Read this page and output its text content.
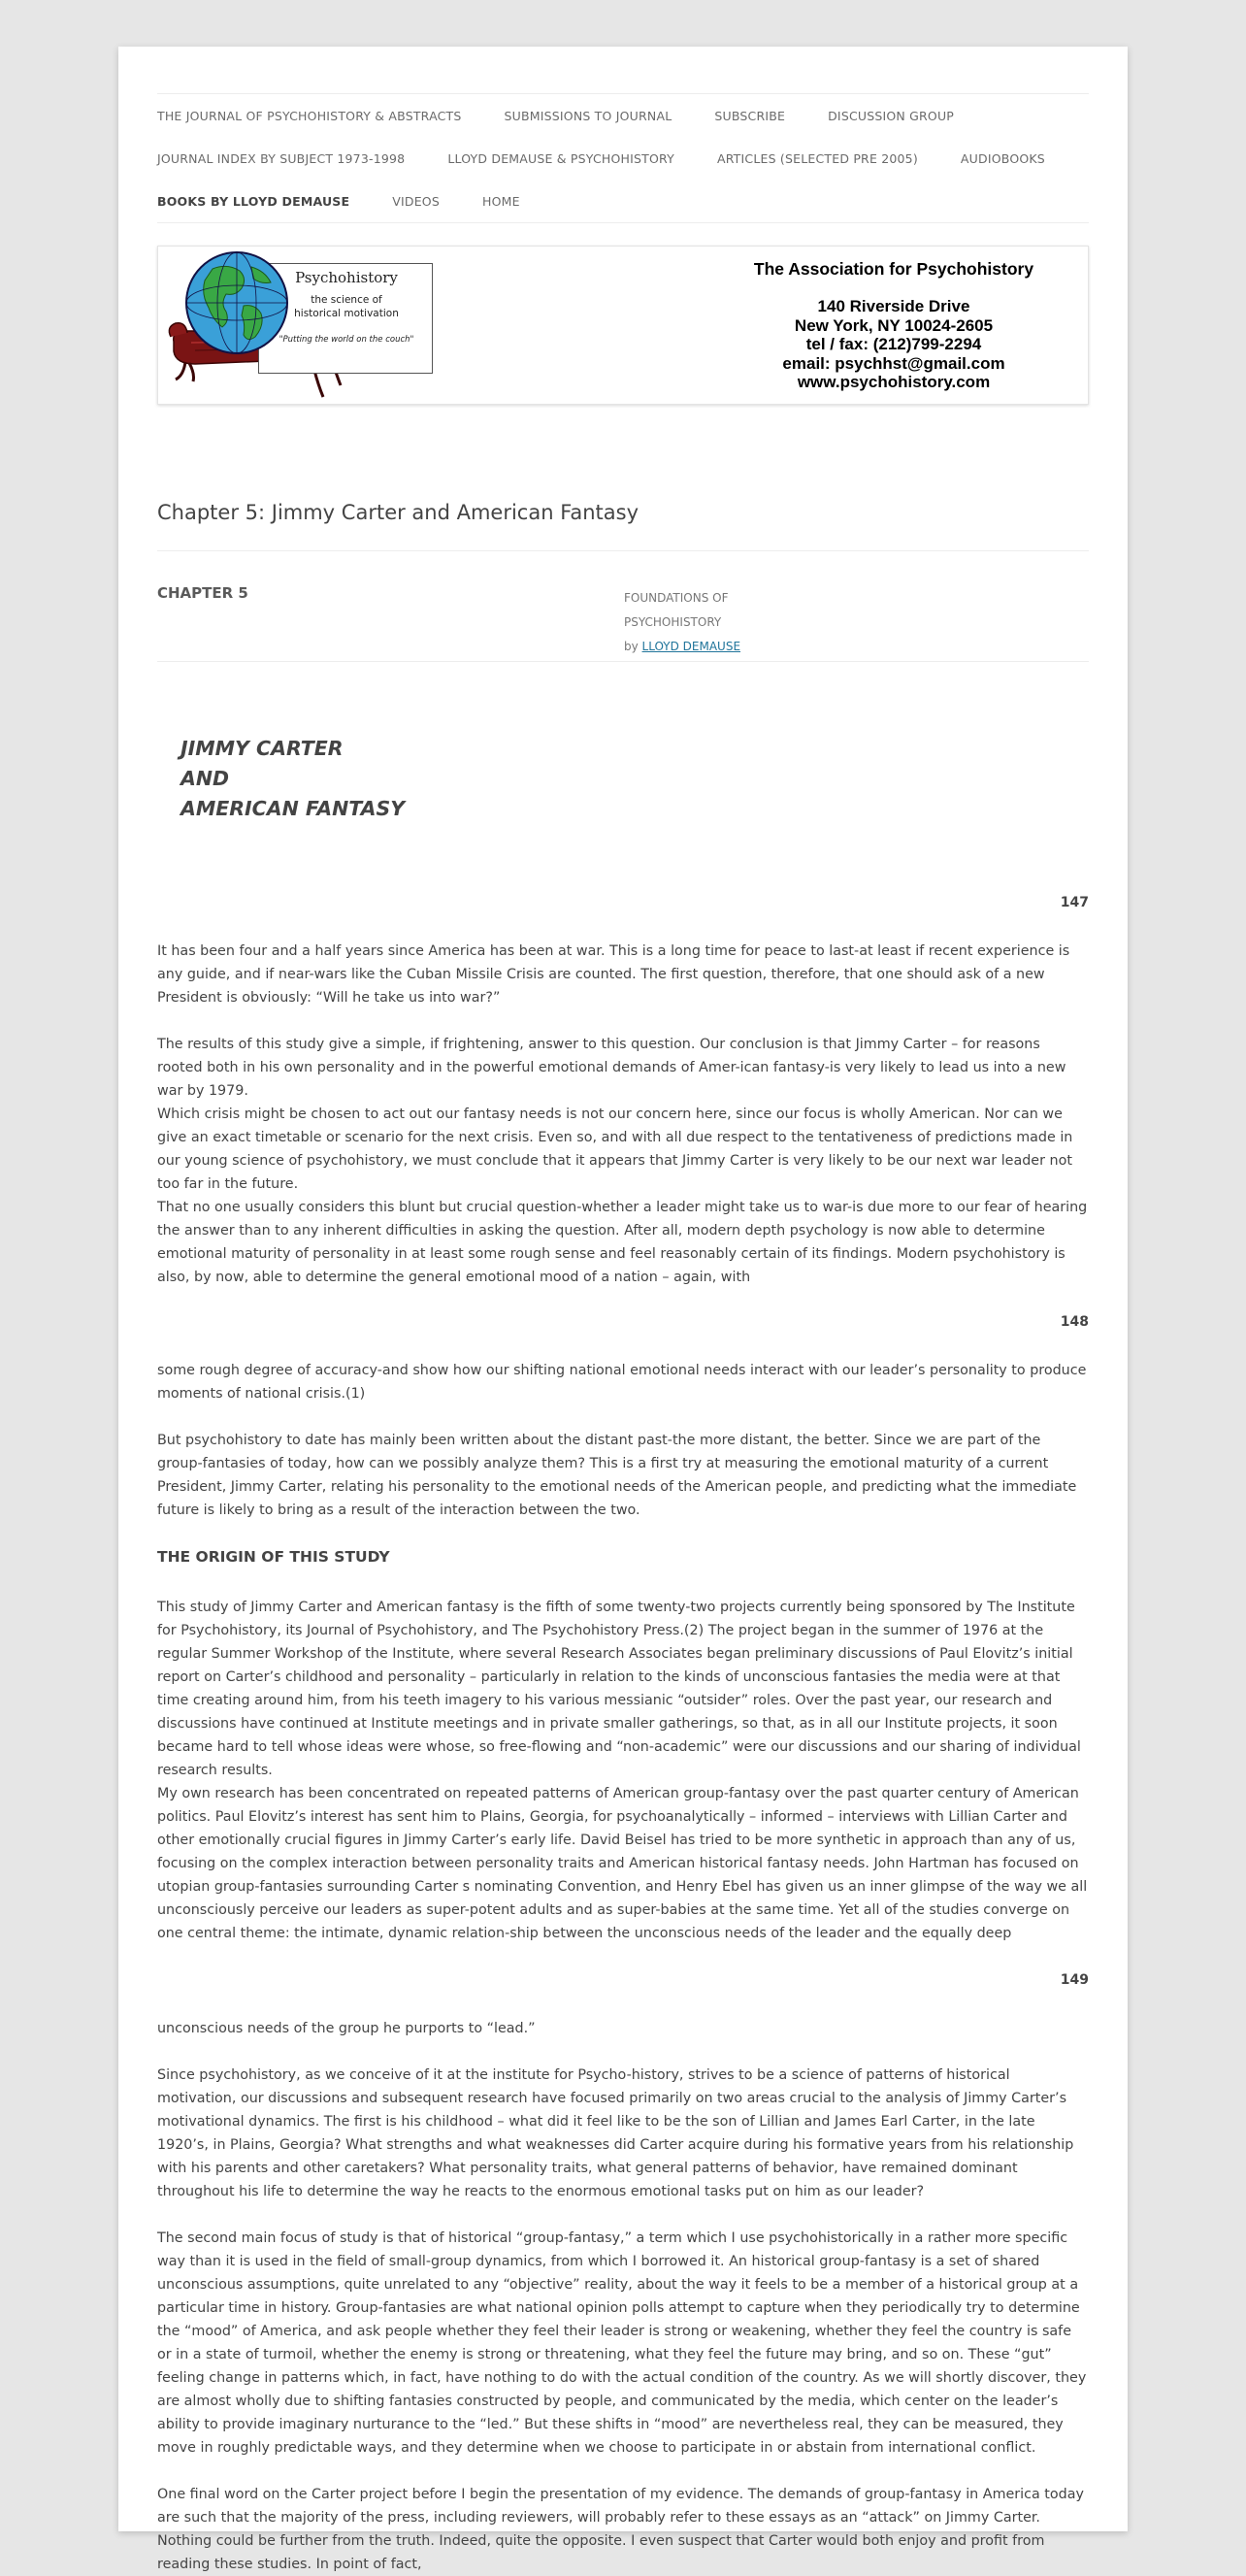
THE JOURNAL OF PSYCHOHISTORY & ABSTRACTS	SUBMISSIONS TO JOURNAL	SUBSCRIBE	DISCUSSION GROUP
JOURNAL INDEX BY SUBJECT 1973-1998	LLOYD DEMAUSE & PSYCHOHISTORY	ARTICLES (SELECTED PRE 2005)	AUDIOBOOKS
BOOKS BY LLOYD DEMAUSE	VIDEOS	HOME
Psychohistory
the science of
historical motivation
"Putting the world on the couch"
The Association for Psychohistory
140 Riverside Drive
New York, NY 10024-2605
tel / fax: (212)799-2294
email: psychhst@gmail.com
www.psychohistory.com
Chapter 5: Jimmy Carter and American Fantasy
CHAPTER 5	FOUNDATIONS OF
PSYCHOHISTORY
by LLOYD DEMAUSE
JIMMY CARTER
AND
AMERICAN FANTASY
147

It has been four and a half years since America has been at war. This is a long time for peace to last-at least if recent experience is any guide, and if near-wars like the Cuban Missile Crisis are counted. The first question, therefore, that one should ask of a new President is obviously: “Will he take us into war?”

The results of this study give a simple, if frightening, answer to this question. Our conclusion is that Jimmy Carter – for reasons rooted both in his own personality and in the powerful emotional demands of Amer-ican fantasy-is very likely to lead us into a new war by 1979.

Which crisis might be chosen to act out our fantasy needs is not our concern here, since our focus is wholly American. Nor can we give an exact timetable or scenario for the next crisis. Even so, and with all due respect to the tentativeness of predictions made in our young science of psychohistory, we must conclude that it appears that Jimmy Carter is very likely to be our next war leader not too far in the future.

That no one usually considers this blunt but crucial question-whether a leader might take us to war-is due more to our fear of hearing the answer than to any inherent difficulties in asking the question. After all, modern depth psychology is now able to determine emotional maturity of personality in at least some rough sense and feel reasonably certain of its findings. Modern psychohistory is also, by now, able to determine the general emotional mood of a nation – again, with

148

some rough degree of accuracy-and show how our shifting national emotional needs interact with our leader’s personality to produce moments of national crisis.(1)

But psychohistory to date has mainly been written about the distant past-the more distant, the better. Since we are part of the group-fantasies of today, how can we possibly analyze them? This is a first try at measuring the emotional maturity of a current President, Jimmy Carter, relating his personality to the emotional needs of the American people, and predicting what the immediate future is likely to bring as a result of the interaction between the two.

THE ORIGIN OF THIS STUDY

This study of Jimmy Carter and American fantasy is the fifth of some twenty-two projects currently being sponsored by The Institute for Psychohistory, its Journal of Psychohistory, and The Psychohistory Press.(2) The project began in the summer of 1976 at the regular Summer Workshop of the Institute, where several Research Associates began preliminary discussions of Paul Elovitz’s initial report on Carter’s childhood and personality – particularly in relation to the kinds of unconscious fantasies the media were at that time creating around him, from his teeth imagery to his various messianic “outsider” roles. Over the past year, our research and discussions have continued at Institute meetings and in private smaller gatherings, so that, as in all our Institute projects, it soon became hard to tell whose ideas were whose, so free-flowing and “non-academic” were our discussions and our sharing of individual research results.

My own research has been concentrated on repeated patterns of American group-fantasy over the past quarter century of American politics. Paul Elovitz’s interest has sent him to Plains, Georgia, for psychoanalytically – informed – interviews with Lillian Carter and other emotionally crucial figures in Jimmy Carter’s early life. David Beisel has tried to be more synthetic in approach than any of us, focusing on the complex interaction between personality traits and American historical fantasy needs. John Hartman has focused on utopian group-fantasies surrounding Carter s nominating Convention, and Henry Ebel has given us an inner glimpse of the way we all unconsciously perceive our leaders as super-potent adults and as super-babies at the same time. Yet all of the studies converge on one central theme: the intimate, dynamic relation-ship between the unconscious needs of the leader and the equally deep

149

unconscious needs of the group he purports to “lead.”

Since psychohistory, as we conceive of it at the institute for Psycho-history, strives to be a science of patterns of historical motivation, our discussions and subsequent research have focused primarily on two areas crucial to the analysis of Jimmy Carter’s motivational dynamics. The first is his childhood – what did it feel like to be the son of Lillian and James Earl Carter, in the late 1920’s, in Plains, Georgia? What strengths and what weaknesses did Carter acquire during his formative years from his relationship with his parents and other caretakers? What personality traits, what general patterns of behavior, have remained dominant throughout his life to determine the way he reacts to the enormous emotional tasks put on him as our leader?

The second main focus of study is that of historical “group-fantasy,” a term which I use psychohistorically in a rather more specific way than it is used in the field of small-group dynamics, from which I borrowed it. An historical group-fantasy is a set of shared unconscious assumptions, quite unrelated to any “objective” reality, about the way it feels to be a member of a historical group at a particular time in history. Group-fantasies are what national opinion polls attempt to capture when they periodically try to determine the “mood” of America, and ask people whether they feel their leader is strong or weakening, whether they feel the country is safe or in a state of turmoil, whether the enemy is strong or threatening, what they feel the future may bring, and so on. These “gut” feeling change in patterns which, in fact, have nothing to do with the actual condition of the country. As we will shortly discover, they are almost wholly due to shifting fantasies constructed by people, and communicated by the media, which center on the leader’s ability to provide imaginary nurturance to the “led.” But these shifts in “mood” are nevertheless real, they can be measured, they move in roughly predictable ways, and they determine when we choose to participate in or abstain from international conflict.

One final word on the Carter project before I begin the presentation of my evidence. The demands of group-fantasy in America today are such that the majority of the press, including reviewers, will probably refer to these essays as an “attack” on Jimmy Carter. Nothing could be further from the truth. Indeed, quite the opposite. I even suspect that Carter would both enjoy and profit from reading these studies. In point of fact,
